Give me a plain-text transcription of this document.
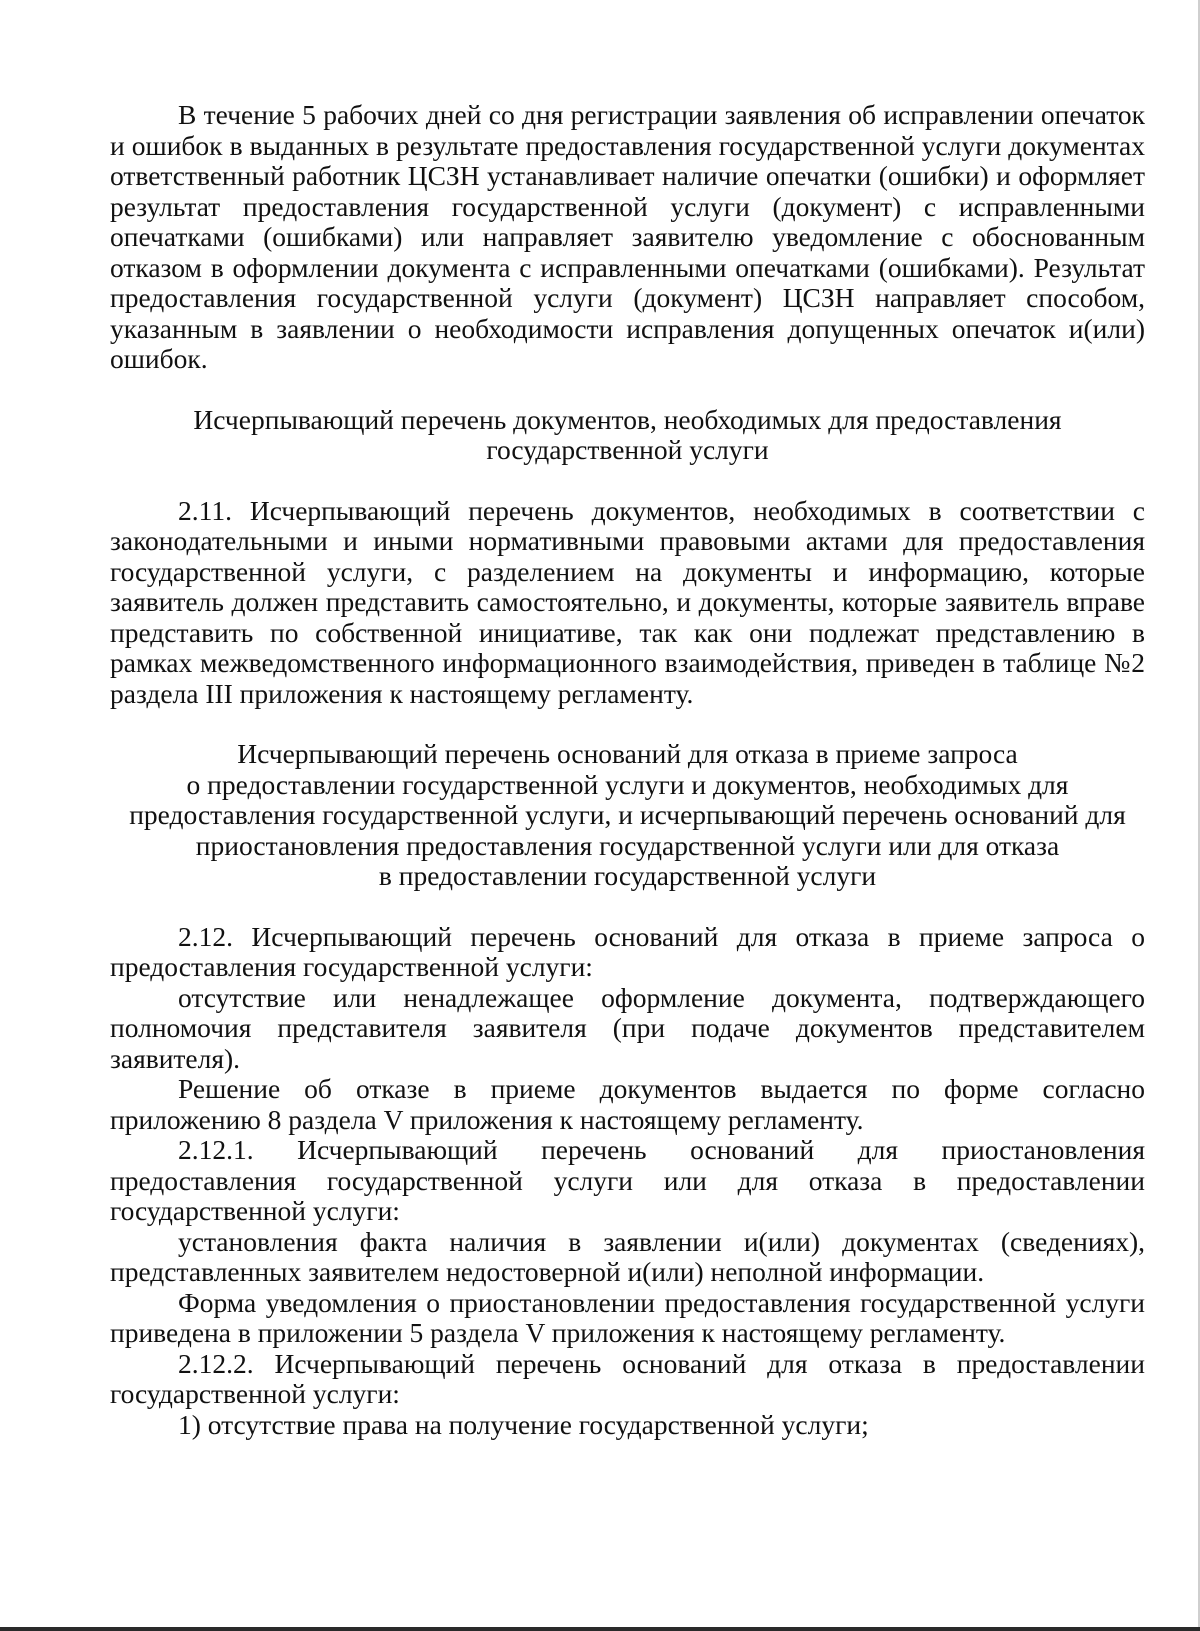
В течение 5 рабочих дней со дня регистрации заявления об исправлении опечаток и ошибок в выданных в результате предоставления государственной услуги документах ответственный работник ЦСЗН устанавливает наличие опечатки (ошибки) и оформляет результат предоставления государственной услуги (документ) с исправленными опечатками (ошибками) или направляет заявителю уведомление с обоснованным отказом в оформлении документа с исправленными опечатками (ошибками). Результат предоставления государственной услуги (документ) ЦСЗН направляет способом, указанным в заявлении о необходимости исправления допущенных опечаток и(или) ошибок.

Исчерпывающий перечень документов, необходимых для предоставления

государственной услуги

2.11. Исчерпывающий перечень документов, необходимых в соответствии с законодательными и иными нормативными правовыми актами для предоставления государственной услуги, с разделением на документы и информацию, которые заявитель должен представить самостоятельно, и документы, которые заявитель вправе представить по собственной инициативе, так как они подлежат представлению в рамках межведомственного информационного взаимодействия, приведен в таблице №2 раздела III приложения к настоящему регламенту.

Исчерпывающий перечень оснований для отказа в приеме запроса

о предоставлении государственной услуги и документов, необходимых для

предоставления государственной услуги, и исчерпывающий перечень оснований для

приостановления предоставления государственной услуги или для отказа

в предоставлении государственной услуги

2.12. Исчерпывающий перечень оснований для отказа в приеме запроса о предоставления государственной услуги:

отсутствие или ненадлежащее оформление документа, подтверждающего полномочия представителя заявителя (при подаче документов представителем заявителя).

Решение об отказе в приеме документов выдается по форме согласно приложению 8 раздела V приложения к настоящему регламенту.

2.12.1. Исчерпывающий перечень оснований для приостановления предоставления государственной услуги или для отказа в предоставлении государственной услуги:

установления факта наличия в заявлении и(или) документах (сведениях), представленных заявителем недостоверной и(или) неполной информации.

Форма уведомления о приостановлении предоставления государственной услуги приведена в приложении 5 раздела V приложения к настоящему регламенту.

2.12.2. Исчерпывающий перечень оснований для отказа в предоставлении государственной услуги:

1) отсутствие права на получение государственной услуги;
